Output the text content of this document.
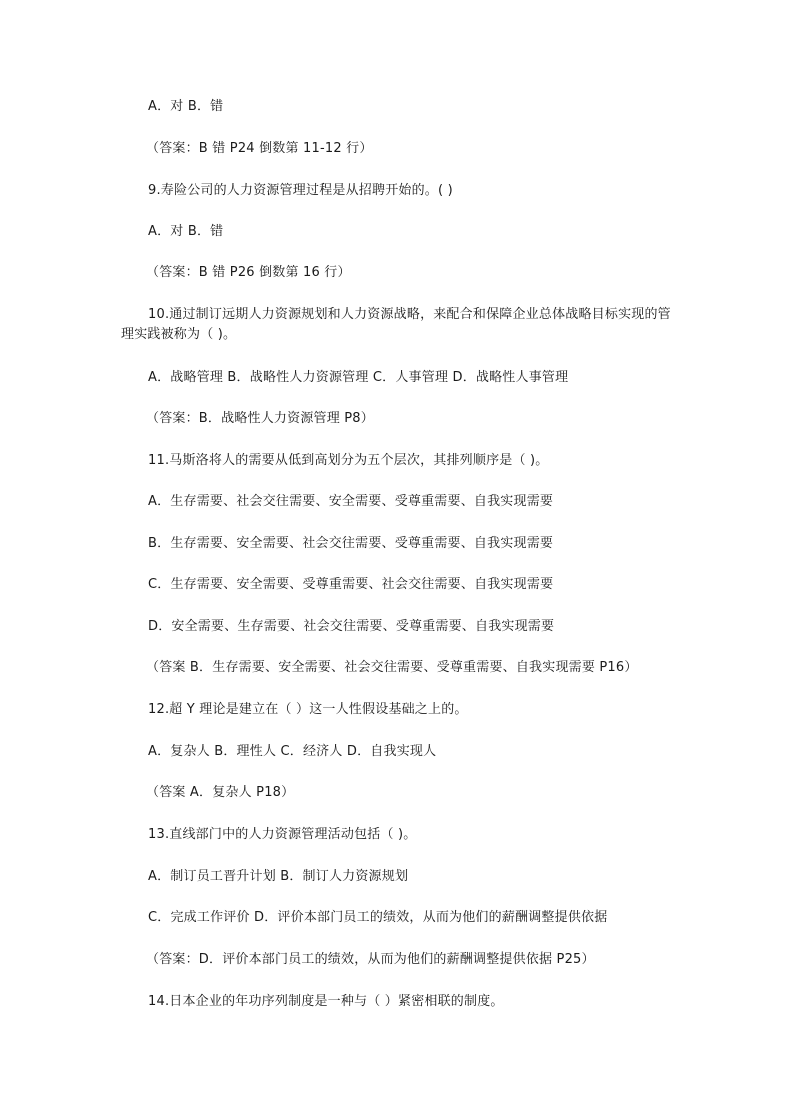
A．对 B．错
（答案：B 错 P24 倒数第 11-12 行）
9.寿险公司的人力资源管理过程是从招聘开始的。( )
A．对 B．错
（答案：B 错 P26 倒数第 16 行）
10.通过制订远期人力资源规划和人力资源战略，来配合和保障企业总体战略目标实现的管理实践被称为（ )。
A．战略管理 B．战略性人力资源管理 C．人事管理 D．战略性人事管理
（答案：B．战略性人力资源管理 P8）
11.马斯洛将人的需要从低到高划分为五个层次，其排列顺序是（ )。
A．生存需要、社会交往需要、安全需要、受尊重需要、自我实现需要
B．生存需要、安全需要、社会交往需要、受尊重需要、自我实现需要
C．生存需要、安全需要、受尊重需要、社会交往需要、自我实现需要
D．安全需要、生存需要、社会交往需要、受尊重需要、自我实现需要
（答案 B．生存需要、安全需要、社会交往需要、受尊重需要、自我实现需要 P16）
12.超 Y 理论是建立在（ ）这一人性假设基础之上的。
A．复杂人 B．理性人 C．经济人 D．自我实现人
（答案 A．复杂人 P18）
13.直线部门中的人力资源管理活动包括（ )。
A．制订员工晋升计划 B．制订人力资源规划
C．完成工作评价 D．评价本部门员工的绩效，从而为他们的薪酬调整提供依据
（答案：D．评价本部门员工的绩效，从而为他们的薪酬调整提供依据 P25）
14.日本企业的年功序列制度是一种与（ ）紧密相联的制度。
